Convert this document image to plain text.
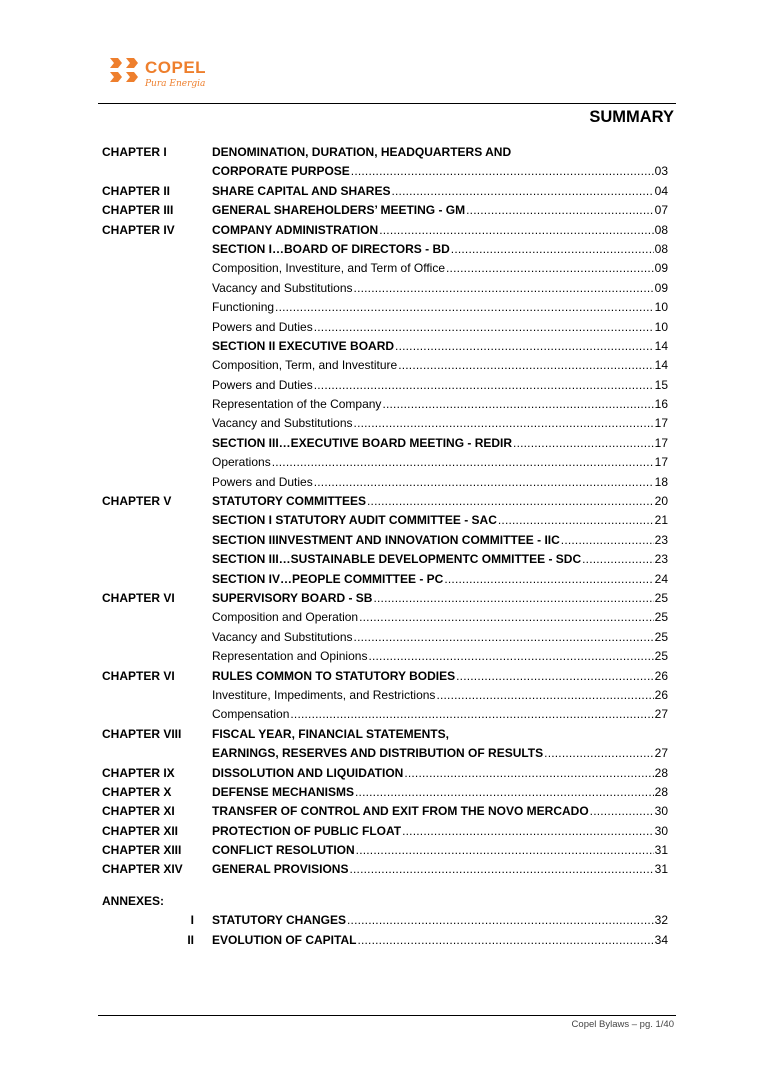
COPEL
Pura Energia
SUMMARY
CHAPTER I	DENOMINATION, DURATION, HEADQUARTERS AND
CORPORATE PURPOSE .....	03
CHAPTER II	SHARE CAPITAL AND SHARES .....	04
CHAPTER III	GENERAL SHAREHOLDERS’ MEETING - GM .....	07
CHAPTER IV	COMPANY ADMINISTRATION .....	08
SECTION I…BOARD OF DIRECTORS - BD .....	08
Composition, Investiture, and Term of Office .....	09
Vacancy and Substitutions .....	09
Functioning .....	10
Powers and Duties .....	10
SECTION II EXECUTIVE BOARD .....	14
Composition, Term, and Investiture .....	14
Powers and Duties .....	15
Representation of the Company .....	16
Vacancy and Substitutions .....	17
SECTION III…EXECUTIVE BOARD MEETING - REDIR .....	17
Operations .....	17
Powers and Duties .....	18
CHAPTER V	STATUTORY COMMITTEES .....	20
SECTION I STATUTORY AUDIT COMMITTEE - SAC .....	21
SECTION IIINVESTMENT AND INNOVATION COMMITTEE - IIC .....	23
SECTION III…SUSTAINABLE DEVELOPMENTC OMMITTEE - SDC .....	23
SECTION IV…PEOPLE COMMITTEE - PC .....	24
CHAPTER VI	SUPERVISORY BOARD - SB .....	25
Composition and Operation .....	25
Vacancy and Substitutions .....	25
Representation and Opinions .....	25
CHAPTER VI	RULES COMMON TO STATUTORY BODIES .....	26
Investiture, Impediments, and Restrictions .....	26
Compensation .....	27
CHAPTER VIII	FISCAL YEAR, FINANCIAL STATEMENTS,
EARNINGS, RESERVES AND DISTRIBUTION OF RESULTS .....	27
CHAPTER IX	DISSOLUTION AND LIQUIDATION .....	28
CHAPTER X	DEFENSE MECHANISMS .....	28
CHAPTER XI	TRANSFER OF CONTROL AND EXIT FROM THE NOVO MERCADO .....	30
CHAPTER XII	PROTECTION OF PUBLIC FLOAT .....	30
CHAPTER XIII	CONFLICT RESOLUTION .....	31
CHAPTER XIV GENERAL PROVISIONS .....	31
ANNEXES:
I STATUTORY CHANGES .....	32
II EVOLUTION OF CAPITAL .....	34
Copel Bylaws – pg. 1/40
